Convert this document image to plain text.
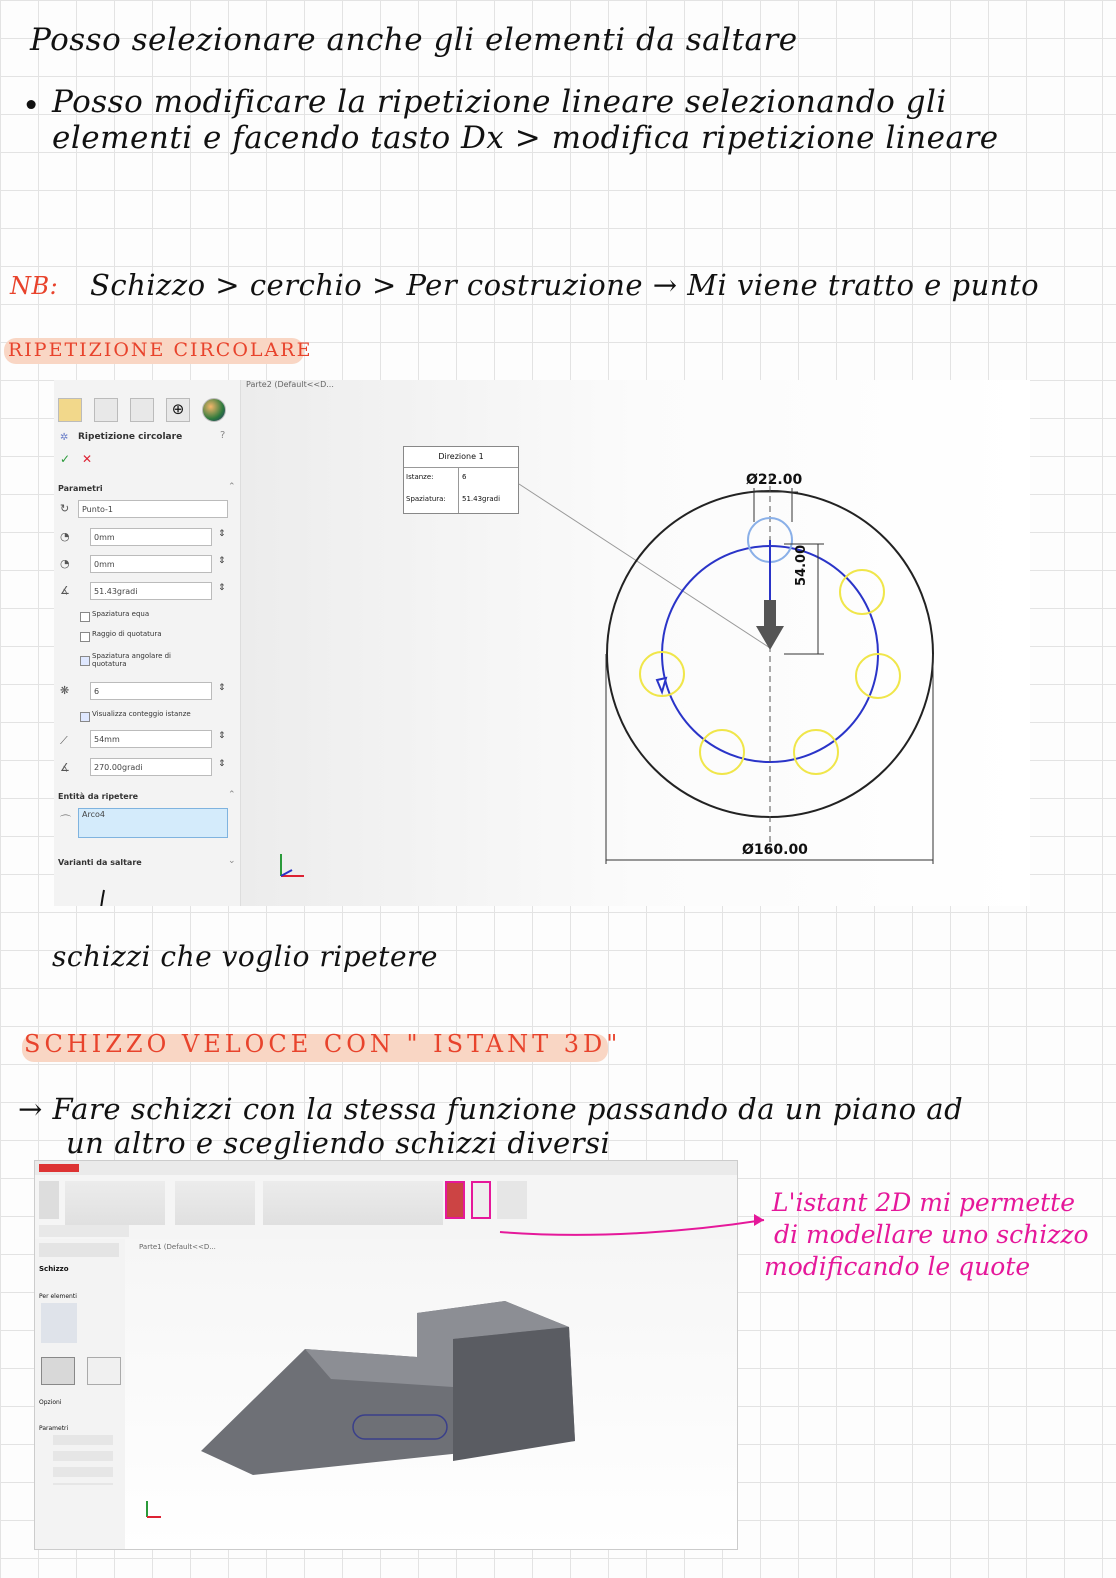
Posso selezionare anche gli elementi da saltare
• Posso modificare la ripetizione lineare selezionando gli
elementi e facendo tasto Dx > modifica ripetizione lineare
NB: Schizzo > cerchio > Per costruzione → Mi viene tratto e punto
RIPETIZIONE CIRCOLARE
⊕
✲ Ripetizione circolare	?
✓ ✕
Parametri	⌃
↻	Punto-1
◔	0mm	⇕
◔	0mm	⇕
∡	51.43gradi	⇕
Spaziatura equa
Raggio di quotatura
Spaziatura angolare di quotatura
❋	6	⇕
Visualizza conteggio istanze
⟋	54mm	⇕
∡	270.00gradi	⇕
Entità da ripetere	⌃
⌒	Arco4
Varianti da saltare	⌄
Parte2 (Default<<D...
Direzione 1
Istanze:	6
Spaziatura: 51.43gradi
Ø22.00
54.00
Ø160.00
schizzi che voglio ripetere
SCHIZZO VELOCE CON " ISTANT 3D"
→ Fare schizzi con la stessa funzione passando da un piano ad
un altro e scegliendo schizzi diversi
Schizzo
Per elementi
Opzioni
Parametri
Parte1 (Default<<D...
L'istant 2D mi permette
di modellare uno schizzo
modificando le quote
